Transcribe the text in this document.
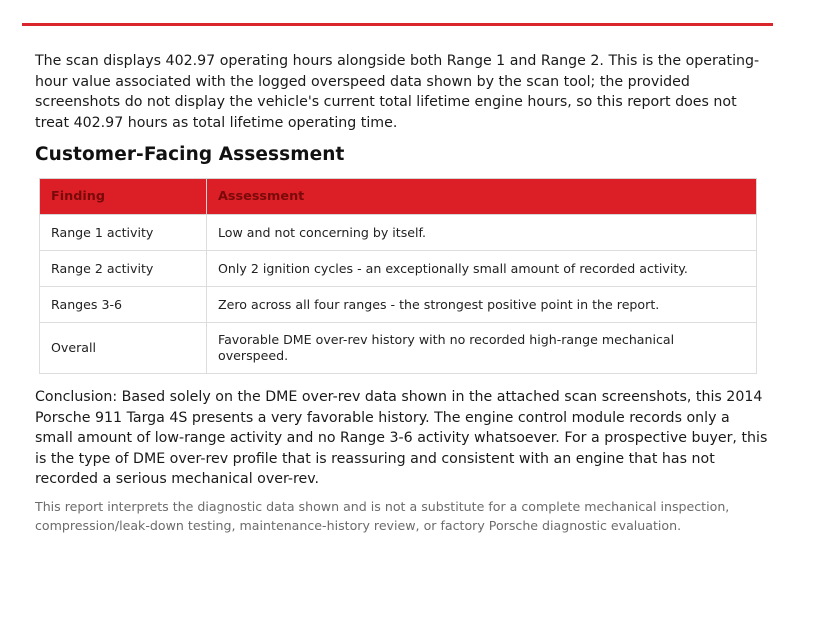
The scan displays 402.97 operating hours alongside both Range 1 and Range 2. This is the operating-hour value associated with the logged overspeed data shown by the scan tool; the provided screenshots do not display the vehicle's current total lifetime engine hours, so this report does not treat 402.97 hours as total lifetime operating time.

Customer-Facing Assessment
Finding	Assessment
Range 1 activity	Low and not concerning by itself.
Range 2 activity	Only 2 ignition cycles - an exceptionally small amount of recorded activity.
Ranges 3-6	Zero across all four ranges - the strongest positive point in the report.
Overall	Favorable DME over-rev history with no recorded high-range mechanical overspeed.

Conclusion: Based solely on the DME over-rev data shown in the attached scan screenshots, this 2014 Porsche 911 Targa 4S presents a very favorable history. The engine control module records only a small amount of low-range activity and no Range 3-6 activity whatsoever. For a prospective buyer, this is the type of DME over-rev profile that is reassuring and consistent with an engine that has not recorded a serious mechanical over-rev.

This report interprets the diagnostic data shown and is not a substitute for a complete mechanical inspection, compression/leak-down testing, maintenance-history review, or factory Porsche diagnostic evaluation.
